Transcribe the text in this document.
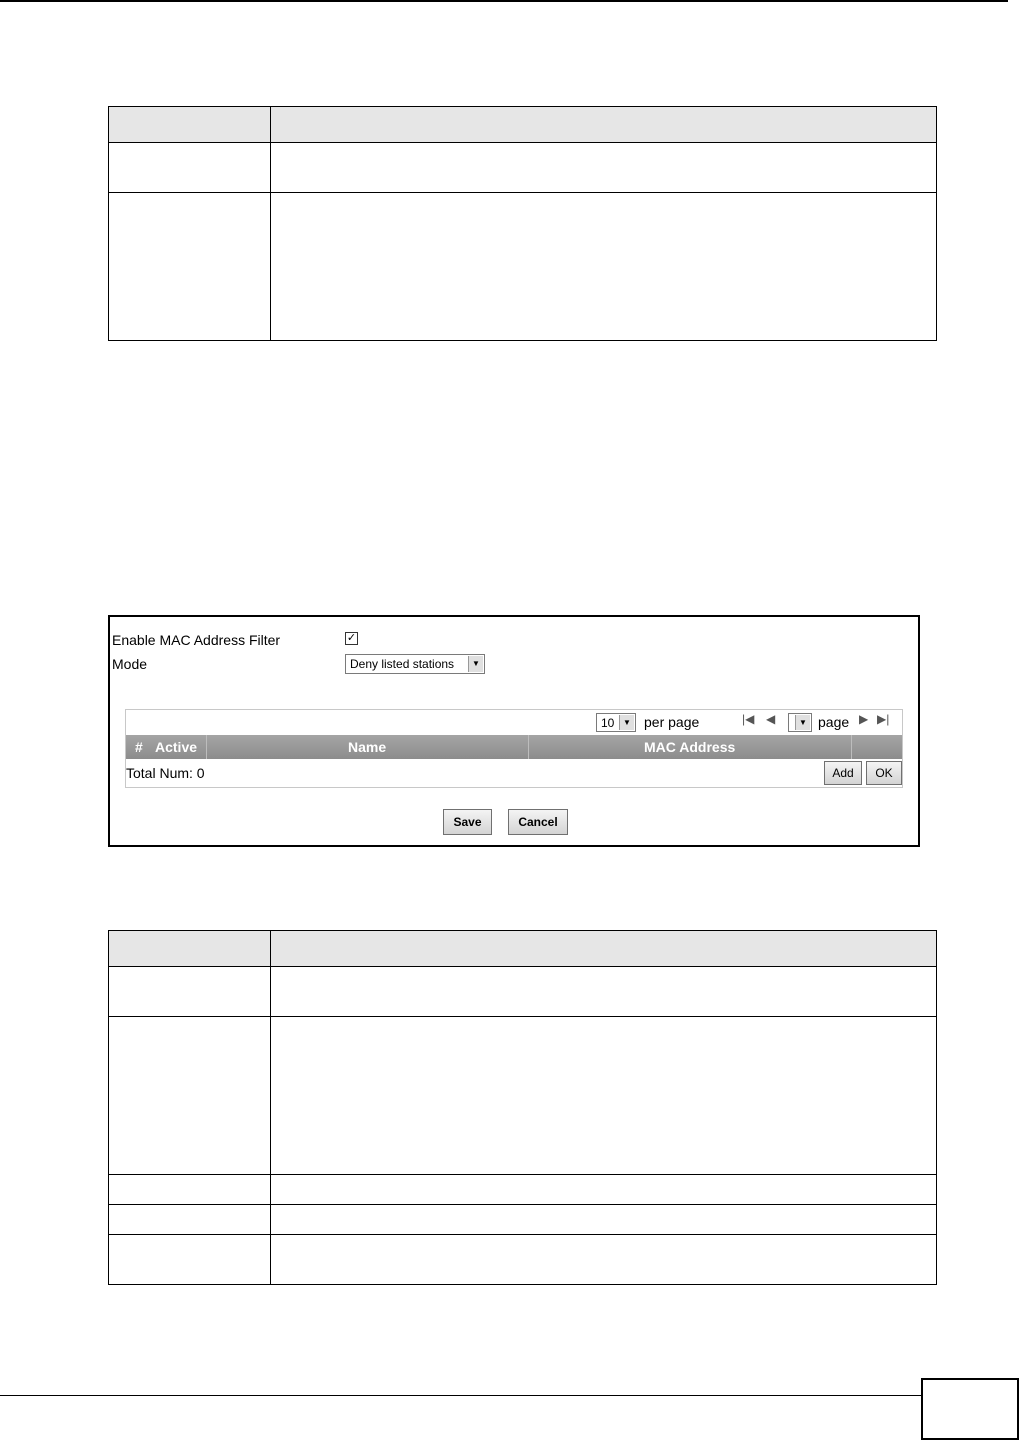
Enable MAC Address Filter	✓
Mode	Deny listed stations	▼
10	▼ per page	|◀ ◀	▼ page ▶ ▶|
# Active	Name	MAC Address
Total Num: 0	Add	OK
Save	Cancel
